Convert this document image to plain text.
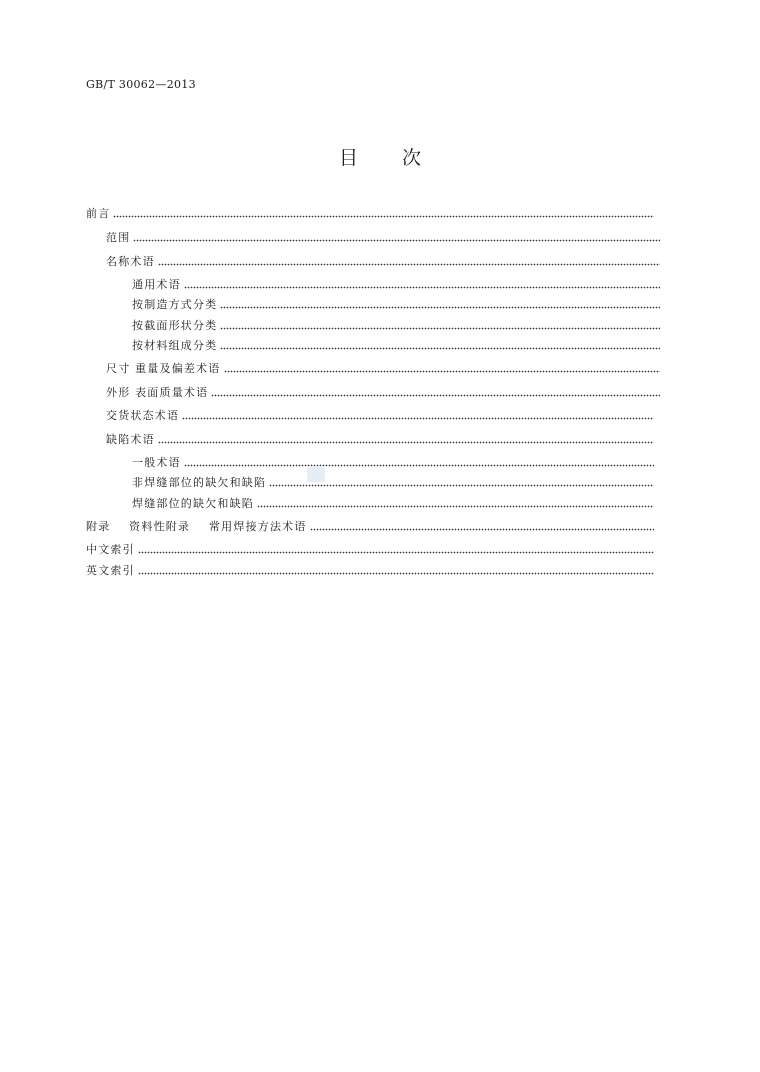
GB/T 30062—2013
目 次
前言
范围
名称术语
通用术语
按制造方式分类
按截面形状分类
按材料组成分类
尺寸 重量及偏差术语
外形 表面质量术语
交货状态术语
缺陷术语
一般术语
非焊缝部位的缺欠和缺陷
焊缝部位的缺欠和缺陷
附录    资料性附录    常用焊接方法术语
中文索引
英文索引
